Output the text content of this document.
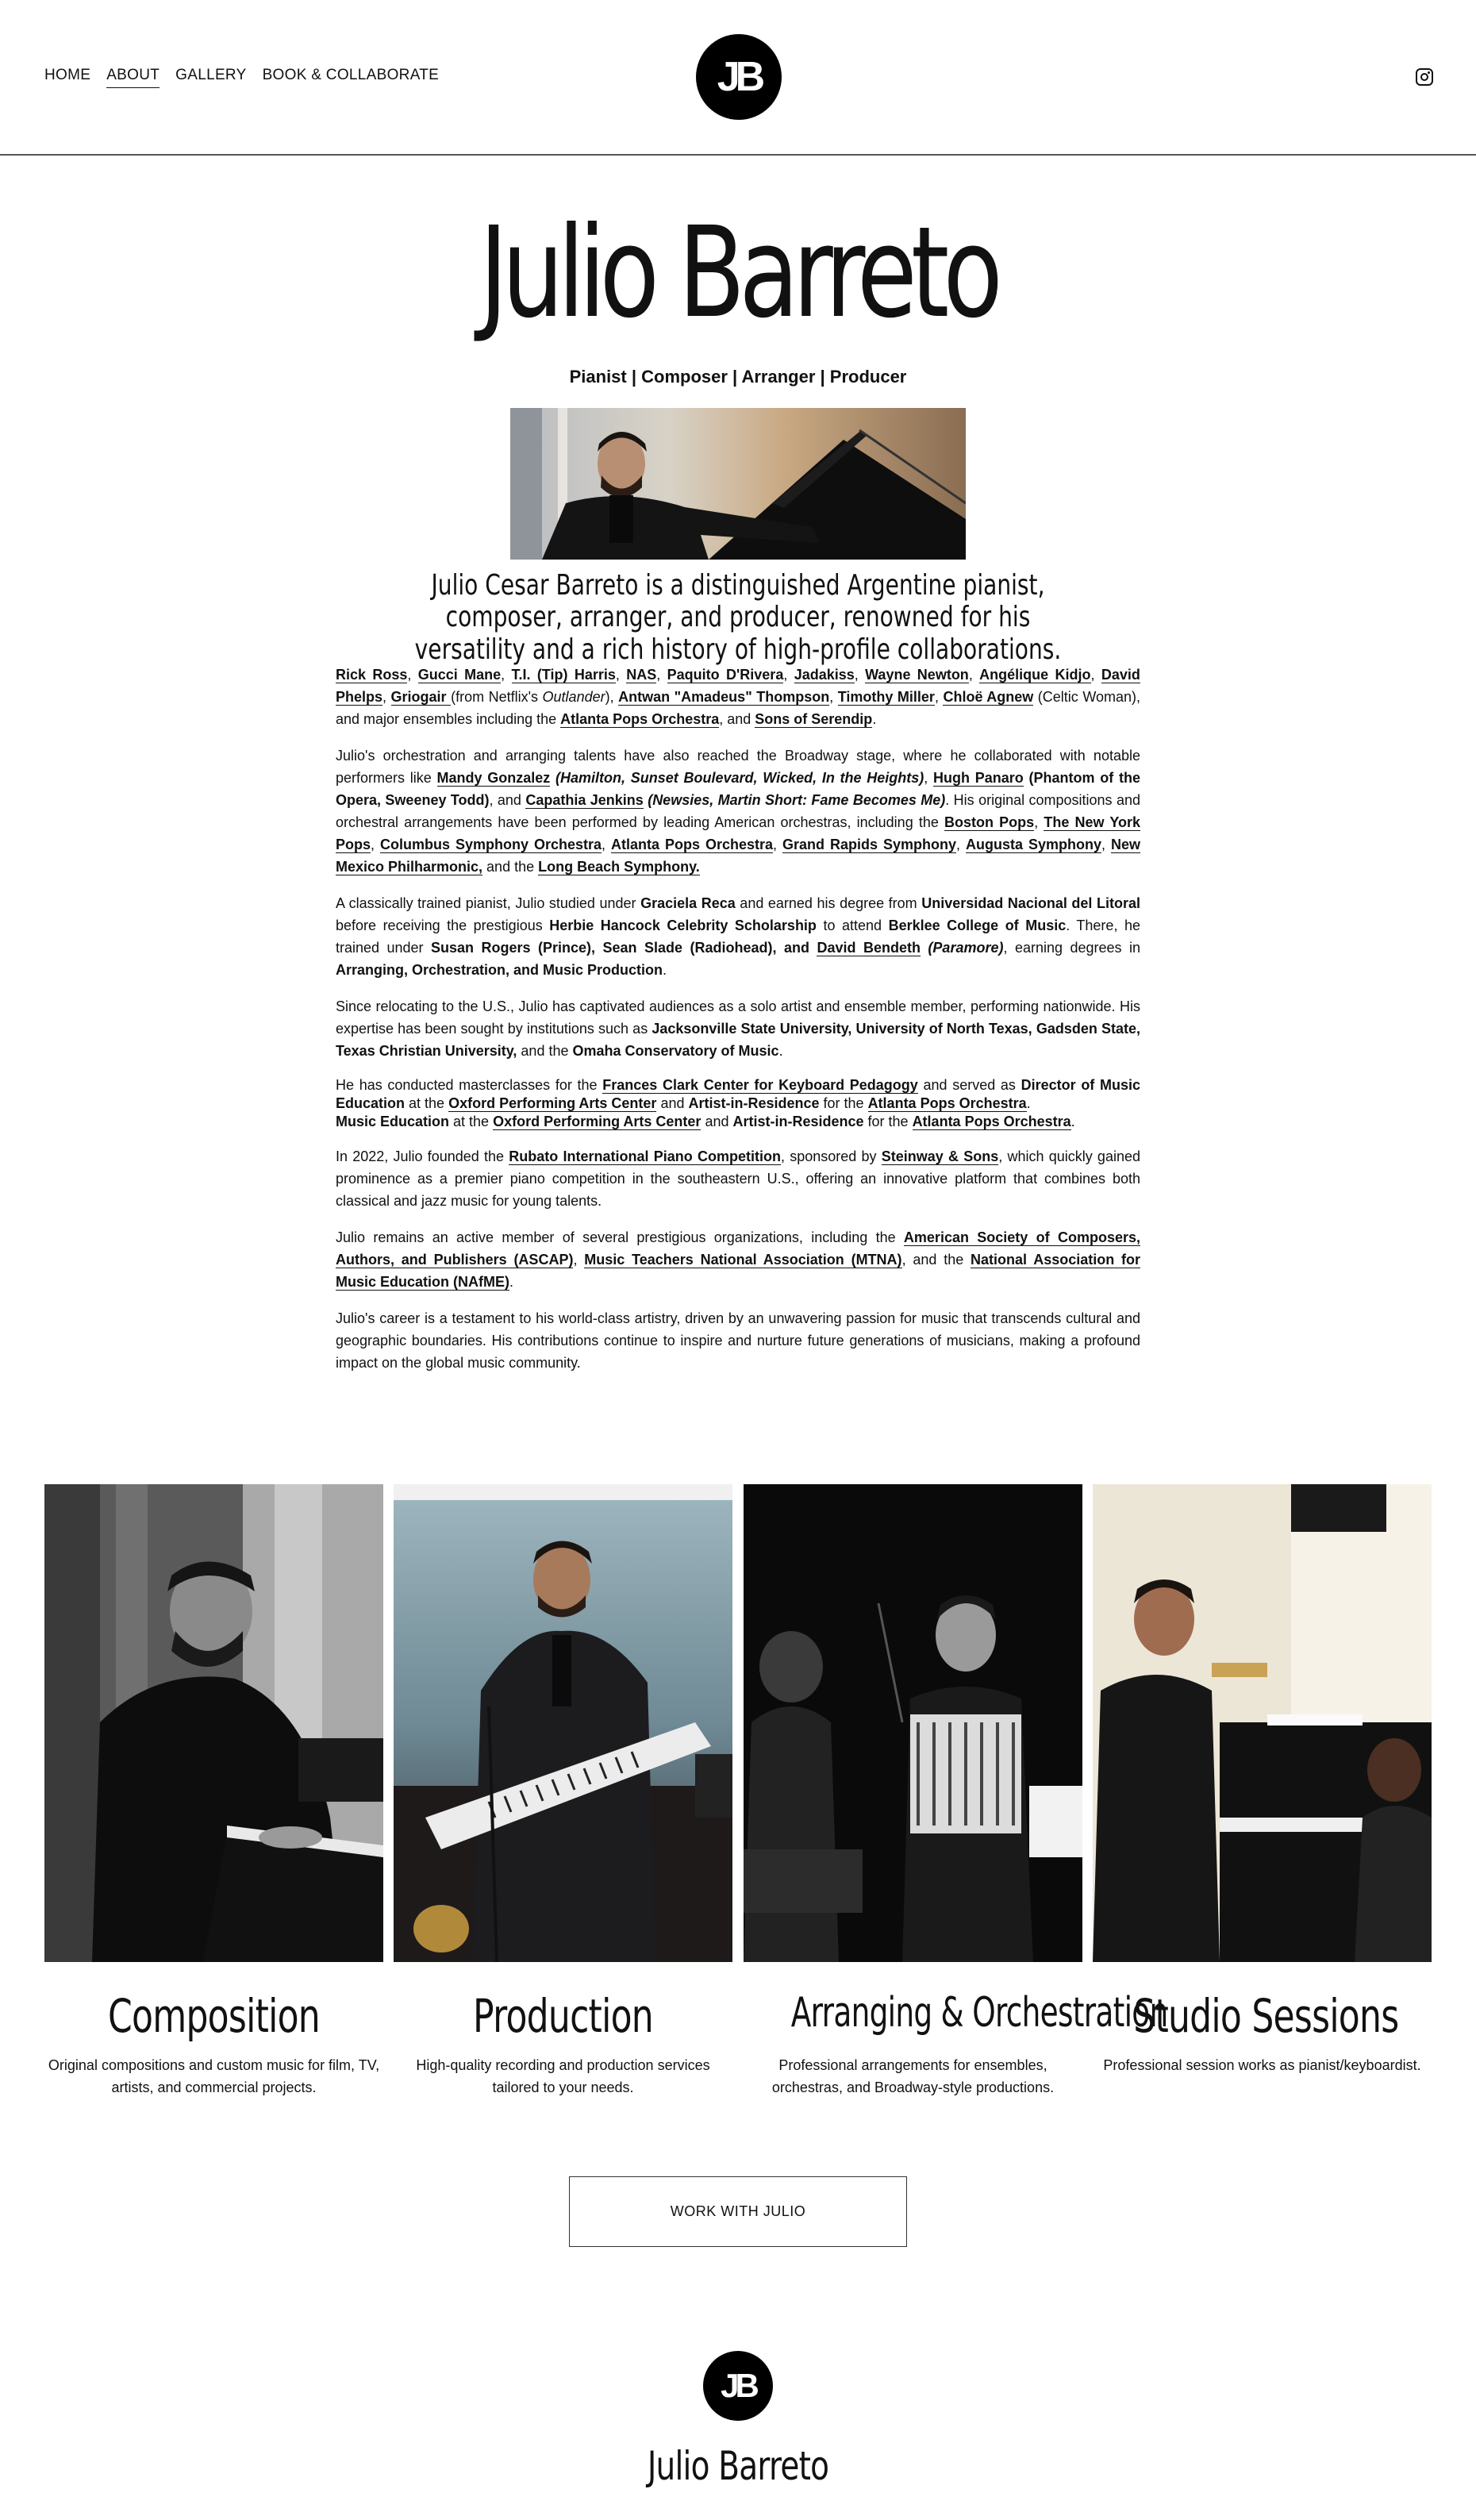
HOME ABOUT GALLERY BOOK & COLLABORATE	JB
Julio Barreto
Pianist | Composer | Arranger | Producer
Julio Cesar Barreto is a distinguished Argentine pianist, composer, arranger, and producer, renowned for his versatility and a rich history of high-profile collaborations.

Rick Ross, Gucci Mane, T.I. (Tip) Harris, NAS, Paquito D'Rivera, Jadakiss, Wayne Newton, Angélique Kidjo, David Phelps, Griogair (from Netflix's Outlander), Antwan "Amadeus" Thompson, Timothy Miller, Chloë Agnew (Celtic Woman), and major ensembles including the Atlanta Pops Orchestra, and Sons of Serendip.

Julio's orchestration and arranging talents have also reached the Broadway stage, where he collaborated with notable performers like Mandy Gonzalez (Hamilton, Sunset Boulevard, Wicked, In the Heights), Hugh Panaro (Phantom of the Opera, Sweeney Todd), and Capathia Jenkins (Newsies, Martin Short: Fame Becomes Me). His original compositions and orchestral arrangements have been performed by leading American orchestras, including the Boston Pops, The New York Pops, Columbus Symphony Orchestra, Atlanta Pops Orchestra, Grand Rapids Symphony, Augusta Symphony, New Mexico Philharmonic, and the Long Beach Symphony.

A classically trained pianist, Julio studied under Graciela Reca and earned his degree from Universidad Nacional del Litoral before receiving the prestigious Herbie Hancock Celebrity Scholarship to attend Berklee College of Music. There, he trained under Susan Rogers (Prince), Sean Slade (Radiohead), and David Bendeth (Paramore), earning degrees in Arranging, Orchestration, and Music Production.

Since relocating to the U.S., Julio has captivated audiences as a solo artist and ensemble member, performing nationwide. His expertise has been sought by institutions such as Jacksonville State University, University of North Texas, Gadsden State, Texas Christian University, and the Omaha Conservatory of Music.

He has conducted masterclasses for the Frances Clark Center for Keyboard Pedagogy and served as Director of Music Education at the Oxford Performing Arts Center and Artist-in-Residence for the Atlanta Pops Orchestra.
Music Education at the Oxford Performing Arts Center and Artist-in-Residence for the Atlanta Pops Orchestra.

In 2022, Julio founded the Rubato International Piano Competition, sponsored by Steinway & Sons, which quickly gained prominence as a premier piano competition in the southeastern U.S., offering an innovative platform that combines both classical and jazz music for young talents.

Julio remains an active member of several prestigious organizations, including the American Society of Composers, Authors, and Publishers (ASCAP), Music Teachers National Association (MTNA), and the National Association for Music Education (NAfME).

Julio's career is a testament to his world-class artistry, driven by an unwavering passion for music that transcends cultural and geographic boundaries. His contributions continue to inspire and nurture future generations of musicians, making a profound impact on the global music community.

Composition	Production	Arranging & Orchestration
Studio Sessions
Original compositions and custom music for film, TV, artists, and commercial projects.
High-quality recording and production services tailored to your needs.
Professional arrangements for ensembles, orchestras, and Broadway-style productions.
Professional session works as pianist/keyboardist.
WORK WITH JULIO
JB
Julio Barreto
